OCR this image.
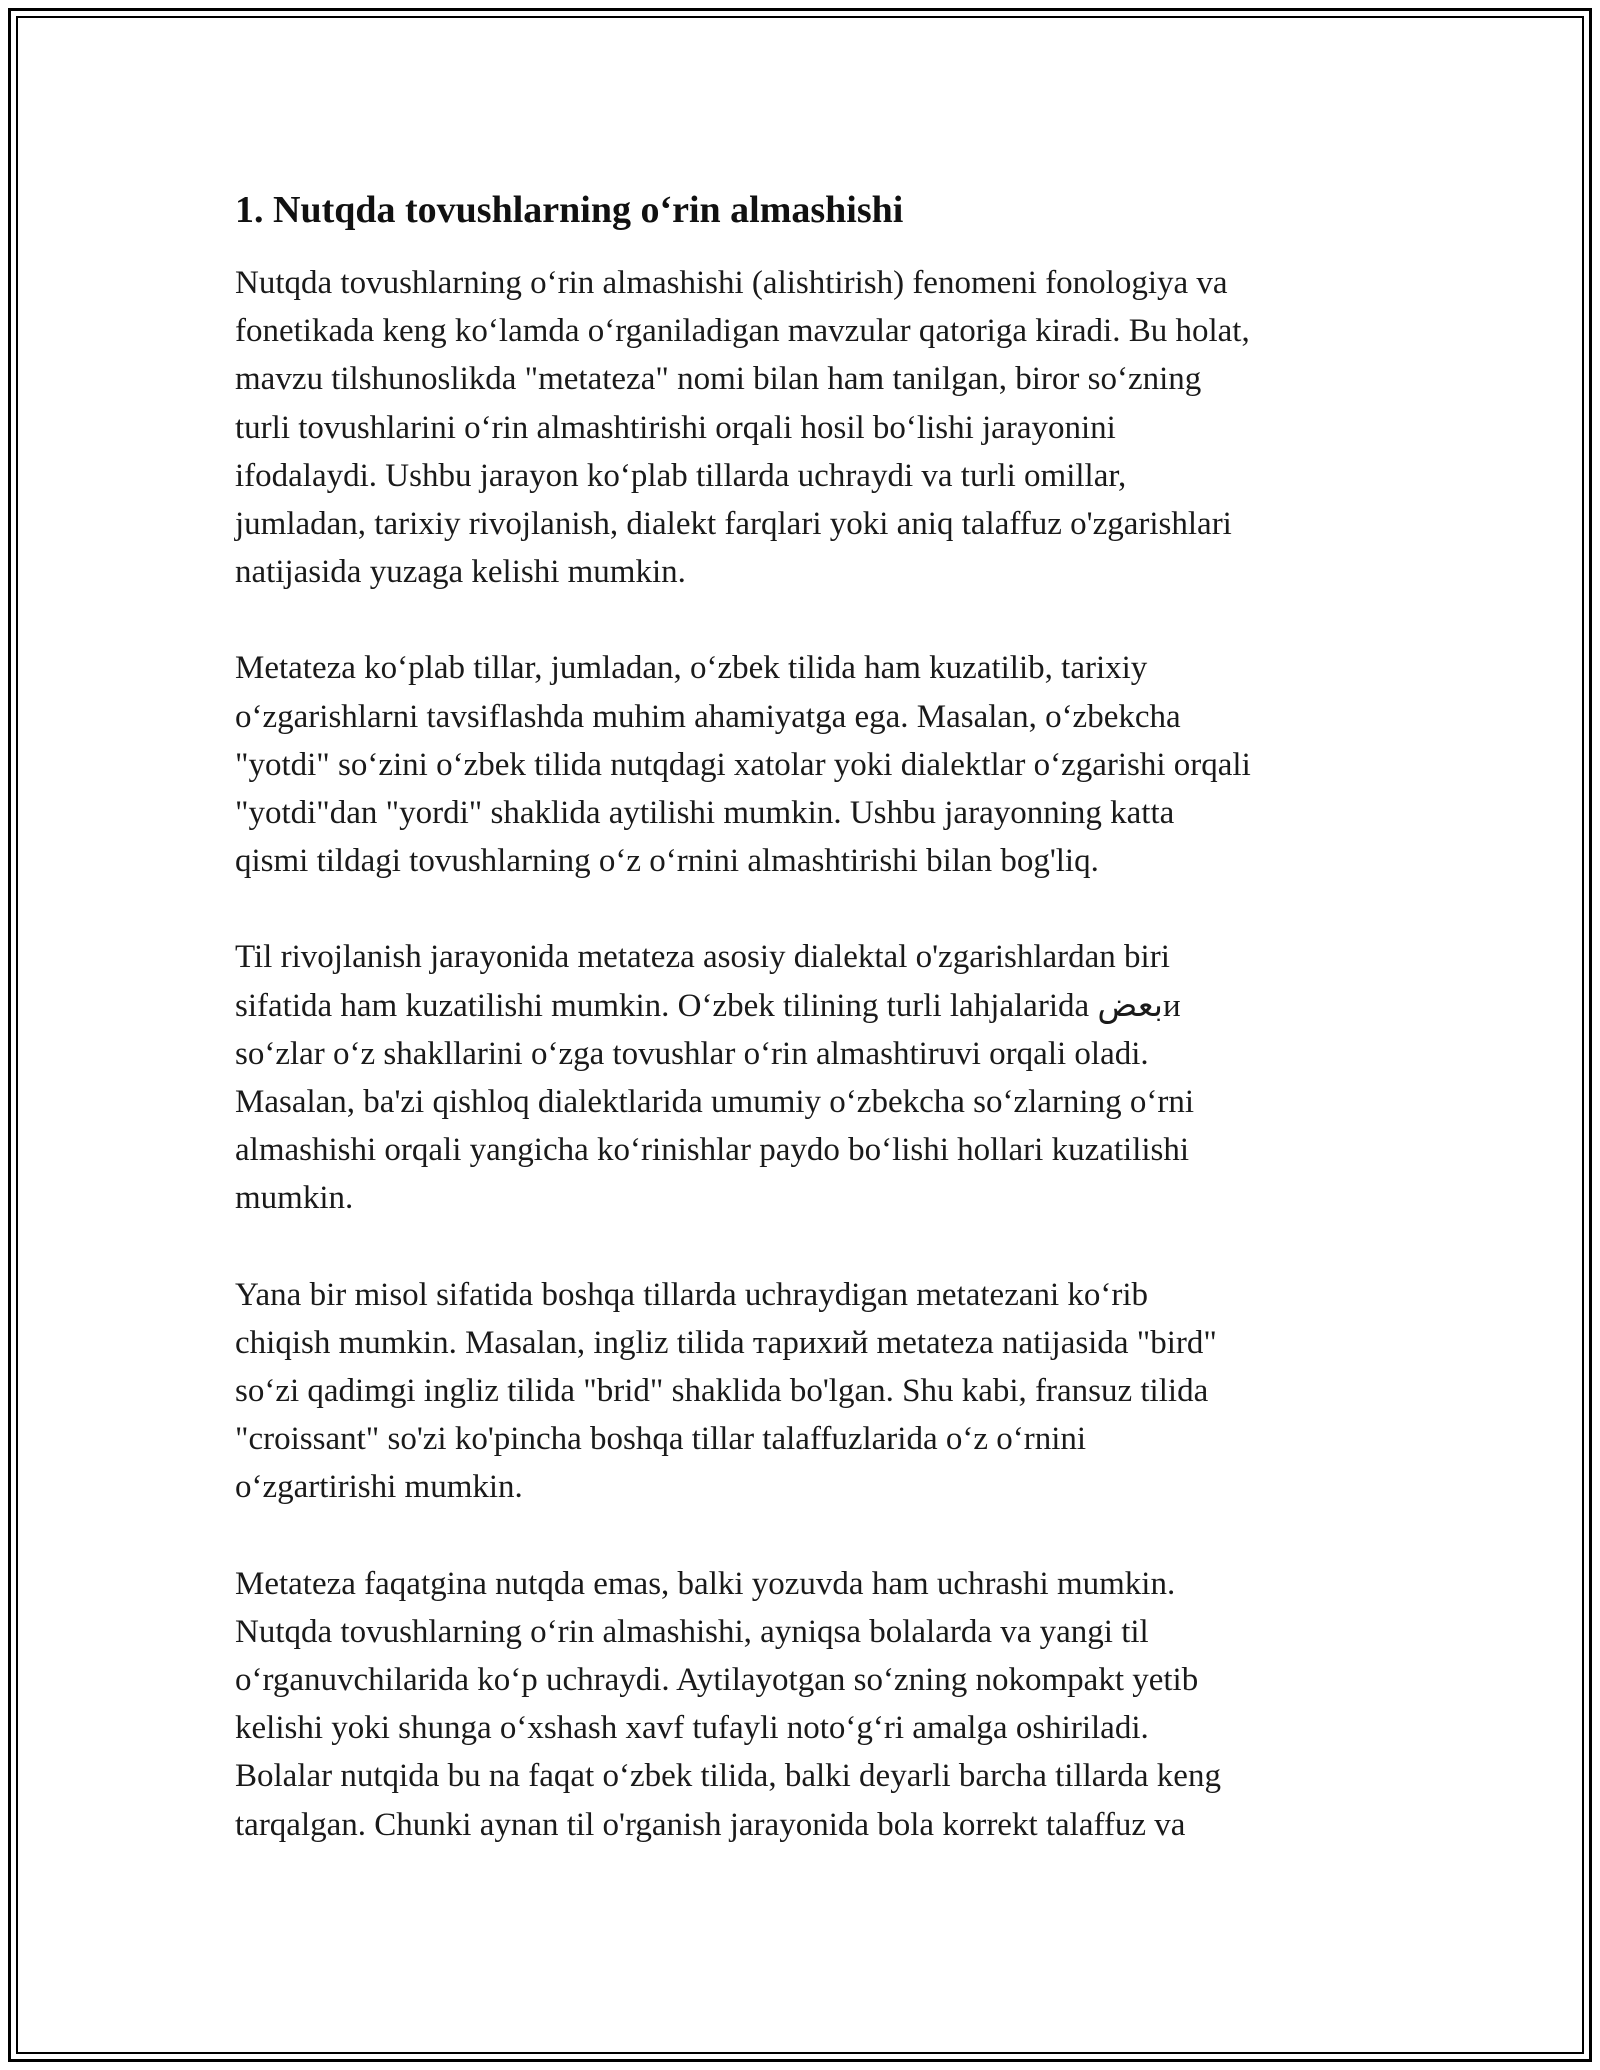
1. Nutqda tovushlarning o‘rin almashishi

Nutqda tovushlarning o‘rin almashishi (alishtirish) fenomeni fonologiya va
fonetikada keng ko‘lamda o‘rganiladigan mavzular qatoriga kiradi. Bu holat,
mavzu tilshunoslikda "metateza" nomi bilan ham tanilgan, biror so‘zning
turli tovushlarini o‘rin almashtirishi orqali hosil bo‘lishi jarayonini
ifodalaydi. Ushbu jarayon ko‘plab tillarda uchraydi va turli omillar,
jumladan, tarixiy rivojlanish, dialekt farqlari yoki aniq talaffuz o'zgarishlari
natijasida yuzaga kelishi mumkin.

Metateza ko‘plab tillar, jumladan, o‘zbek tilida ham kuzatilib, tarixiy
o‘zgarishlarni tavsiflashda muhim ahamiyatga ega. Masalan, o‘zbekcha
"yotdi" so‘zini o‘zbek tilida nutqdagi xatolar yoki dialektlar o‘zgarishi orqali
"yotdi"dan "yordi" shaklida aytilishi mumkin. Ushbu jarayonning katta
qismi tildagi tovushlarning o‘z o‘rnini almashtirishi bilan bog'liq.

Til rivojlanish jarayonida metateza asosiy dialektal o'zgarishlardan biri
sifatida ham kuzatilishi mumkin. O‘zbek tilining turli lahjalarida بعضи
so‘zlar o‘z shakllarini o‘zga tovushlar o‘rin almashtiruvi orqali oladi.
Masalan, ba'zi qishloq dialektlarida umumiy o‘zbekcha so‘zlarning o‘rni
almashishi orqali yangicha ko‘rinishlar paydo bo‘lishi hollari kuzatilishi
mumkin.

Yana bir misol sifatida boshqa tillarda uchraydigan metatezani ko‘rib
chiqish mumkin. Masalan, ingliz tilida тарихий metateza natijasida "bird"
so‘zi qadimgi ingliz tilida "brid" shaklida bo'lgan. Shu kabi, fransuz tilida
"croissant" so'zi ko'pincha boshqa tillar talaffuzlarida o‘z o‘rnini
o‘zgartirishi mumkin.

Metateza faqatgina nutqda emas, balki yozuvda ham uchrashi mumkin.
Nutqda tovushlarning o‘rin almashishi, ayniqsa bolalarda va yangi til
o‘rganuvchilarida ko‘p uchraydi. Aytilayotgan so‘zning nokompakt yetib
kelishi yoki shunga o‘xshash xavf tufayli noto‘g‘ri amalga oshiriladi.
Bolalar nutqida bu na faqat o‘zbek tilida, balki deyarli barcha tillarda keng
tarqalgan. Chunki aynan til o'rganish jarayonida bola korrekt talaffuz va
